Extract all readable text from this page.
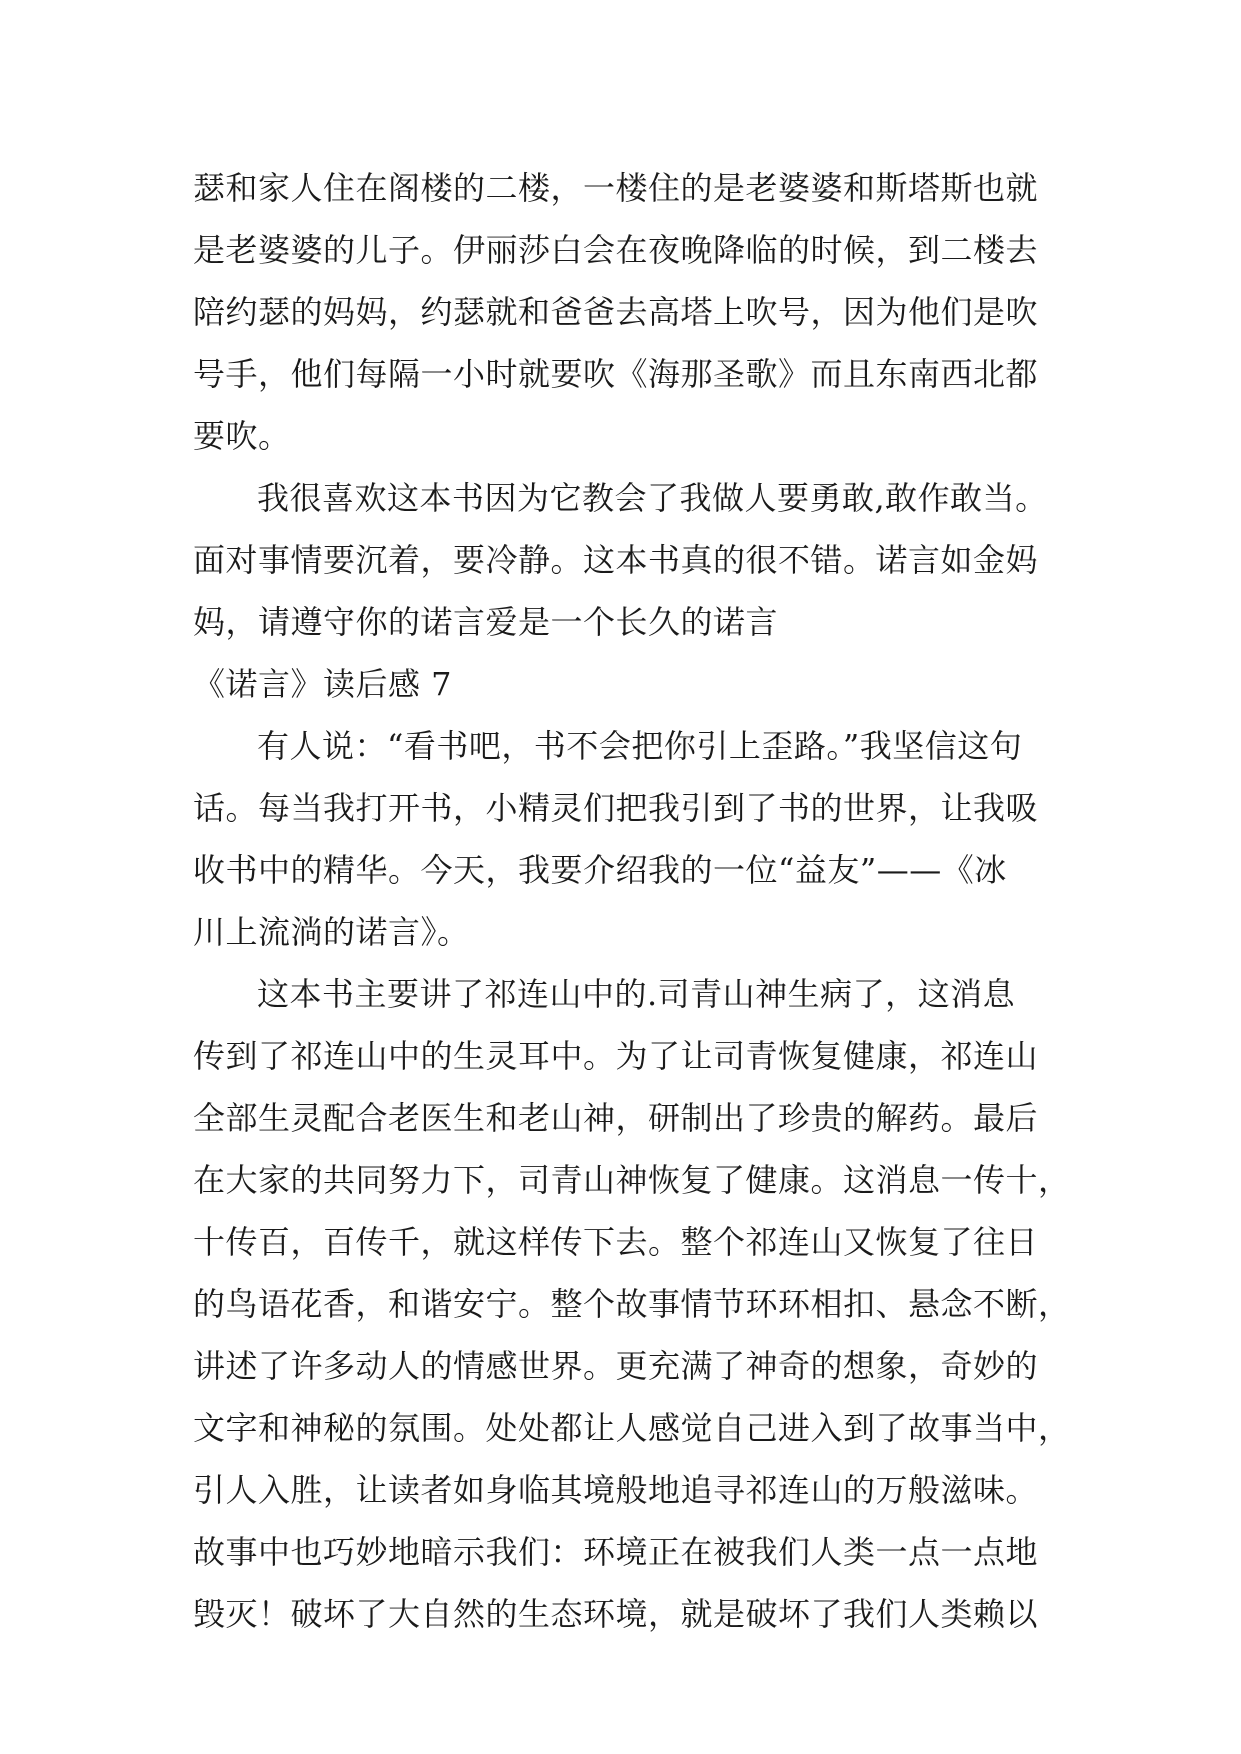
瑟和家人住在阁楼的二楼，一楼住的是老婆婆和斯塔斯也就
是老婆婆的儿子。伊丽莎白会在夜晚降临的时候，到二楼去
陪约瑟的妈妈，约瑟就和爸爸去高塔上吹号，因为他们是吹
号手，他们每隔一小时就要吹《海那圣歌》而且东南西北都
要吹。
我很喜欢这本书因为它教会了我做人要勇敢,敢作敢当。
面对事情要沉着，要冷静。这本书真的很不错。诺言如金妈
妈，请遵守你的诺言爱是一个长久的诺言
《诺言》读后感 7
有人说：“看书吧，书不会把你引上歪路。”我坚信这句
话。每当我打开书，小精灵们把我引到了书的世界，让我吸
收书中的精华。今天，我要介绍我的一位“益友”——《冰
川上流淌的诺言》。
这本书主要讲了祁连山中的.司青山神生病了，这消息
传到了祁连山中的生灵耳中。为了让司青恢复健康，祁连山
全部生灵配合老医生和老山神，研制出了珍贵的解药。最后
在大家的共同努力下，司青山神恢复了健康。这消息一传十，
十传百，百传千，就这样传下去。整个祁连山又恢复了往日
的鸟语花香，和谐安宁。整个故事情节环环相扣、悬念不断，
讲述了许多动人的情感世界。更充满了神奇的想象，奇妙的
文字和神秘的氛围。处处都让人感觉自己进入到了故事当中，
引人入胜，让读者如身临其境般地追寻祁连山的万般滋味。
故事中也巧妙地暗示我们：环境正在被我们人类一点一点地
毁灭！破坏了大自然的生态环境，就是破坏了我们人类赖以
